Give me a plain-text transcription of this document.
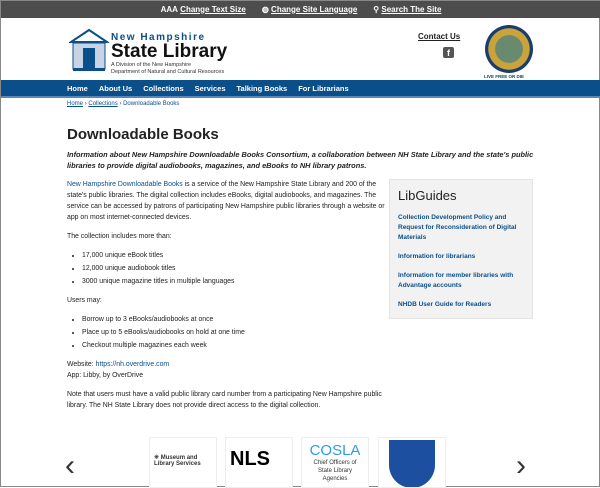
AAA Change Text Size ◍ Change Site Language ⚲ Search The Site
New Hampshire
State Library
A Division of the New Hampshire
Department of Natural and Cultural Resources
Contact Us
f
LIVE FREE OR DIE
Home About Us Collections Services Talking Books For Librarians
Home › Collections › Downloadable Books
Downloadable Books
Information about New Hampshire Downloadable Books Consortium, a collaboration between NH State Library and the state's public libraries to provide digital audiobooks, magazines, and eBooks to NH library patrons.

New Hampshire Downloadable Books is a service of the New Hampshire State Library and 200 of the state's public libraries. The digital collection includes eBooks, digital audiobooks, and magazines. The service can be accessed by patrons of participating New Hampshire public libraries through a website or app on most internet-connected devices.

The collection includes more than:

• 17,000 unique eBook titles
• 12,000 unique audiobook titles
• 3000 unique magazine titles in multiple languages

Users may:

• Borrow up to 3 eBooks/audiobooks at once
• Place up to 5 eBooks/audiobooks on hold at one time
• Checkout multiple magazines each week

Website: https://nh.overdrive.com
App: Libby, by OverDrive

Note that users must have a valid public library card number from a participating New Hampshire public library. The NH State Library does not provide direct access to the digital collection.

LibGuides
Collection Development Policy and Request for Reconsideration of Digital Materials
Information for librarians
Information for member libraries with Advantage accounts
NHDB User Guide for Readers
‹	✳ Museum and Library Services	NLS	COSLA
Chief Officers of State Library Agencies	›
